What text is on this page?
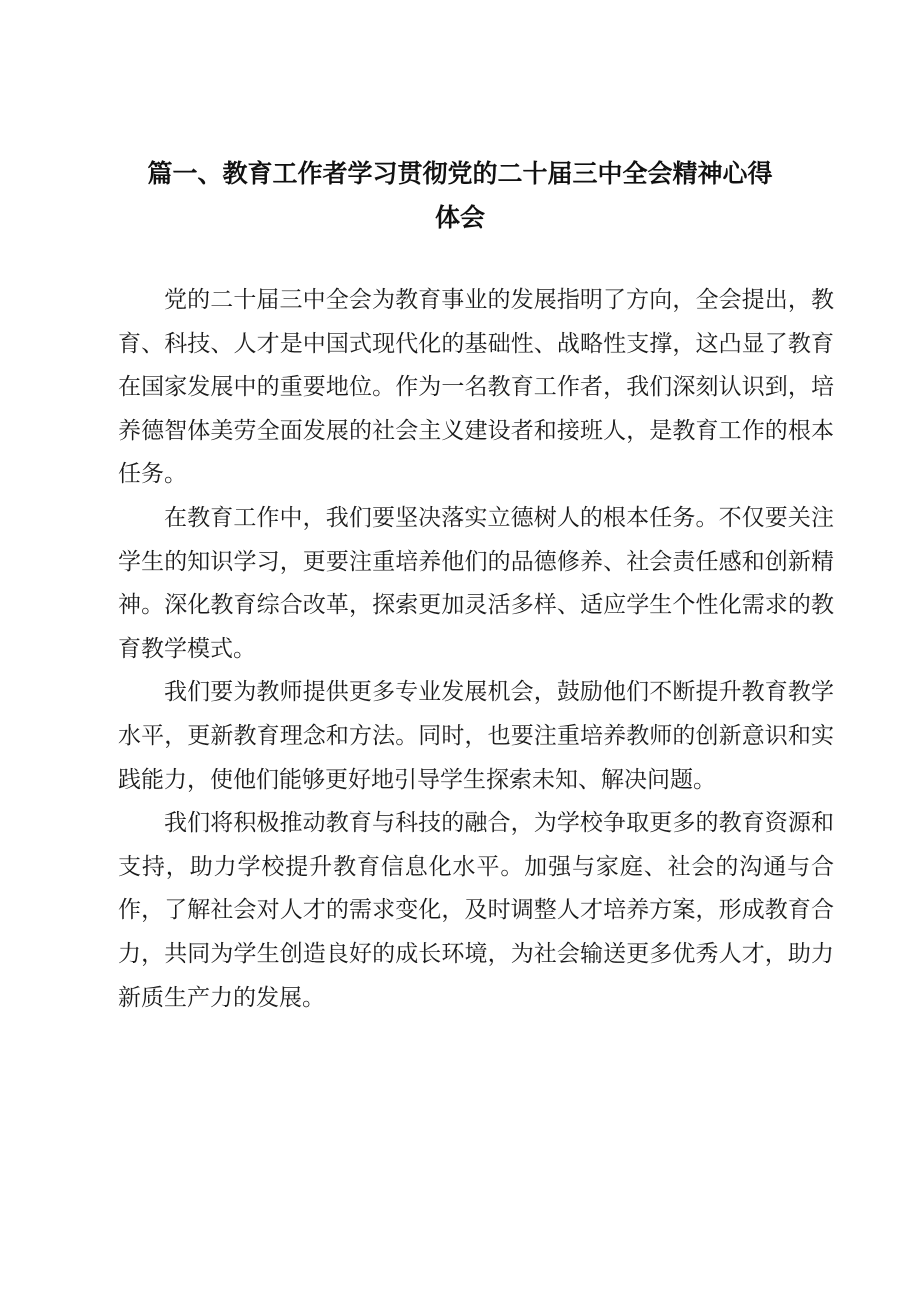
篇一、教育工作者学习贯彻党的二十届三中全会精神心得
体会

党的二十届三中全会为教育事业的发展指明了方向，全会提出，教育、科技、人才是中国式现代化的基础性、战略性支撑，这凸显了教育在国家发展中的重要地位。作为一名教育工作者，我们深刻认识到，培养德智体美劳全面发展的社会主义建设者和接班人，是教育工作的根本任务。

在教育工作中，我们要坚决落实立德树人的根本任务。不仅要关注学生的知识学习，更要注重培养他们的品德修养、社会责任感和创新精神。深化教育综合改革，探索更加灵活多样、适应学生个性化需求的教育教学模式。

我们要为教师提供更多专业发展机会，鼓励他们不断提升教育教学水平，更新教育理念和方法。同时，也要注重培养教师的创新意识和实践能力，使他们能够更好地引导学生探索未知、解决问题。

我们将积极推动教育与科技的融合，为学校争取更多的教育资源和支持，助力学校提升教育信息化水平。加强与家庭、社会的沟通与合作，了解社会对人才的需求变化，及时调整人才培养方案，形成教育合力，共同为学生创造良好的成长环境，为社会输送更多优秀人才，助力新质生产力的发展。
